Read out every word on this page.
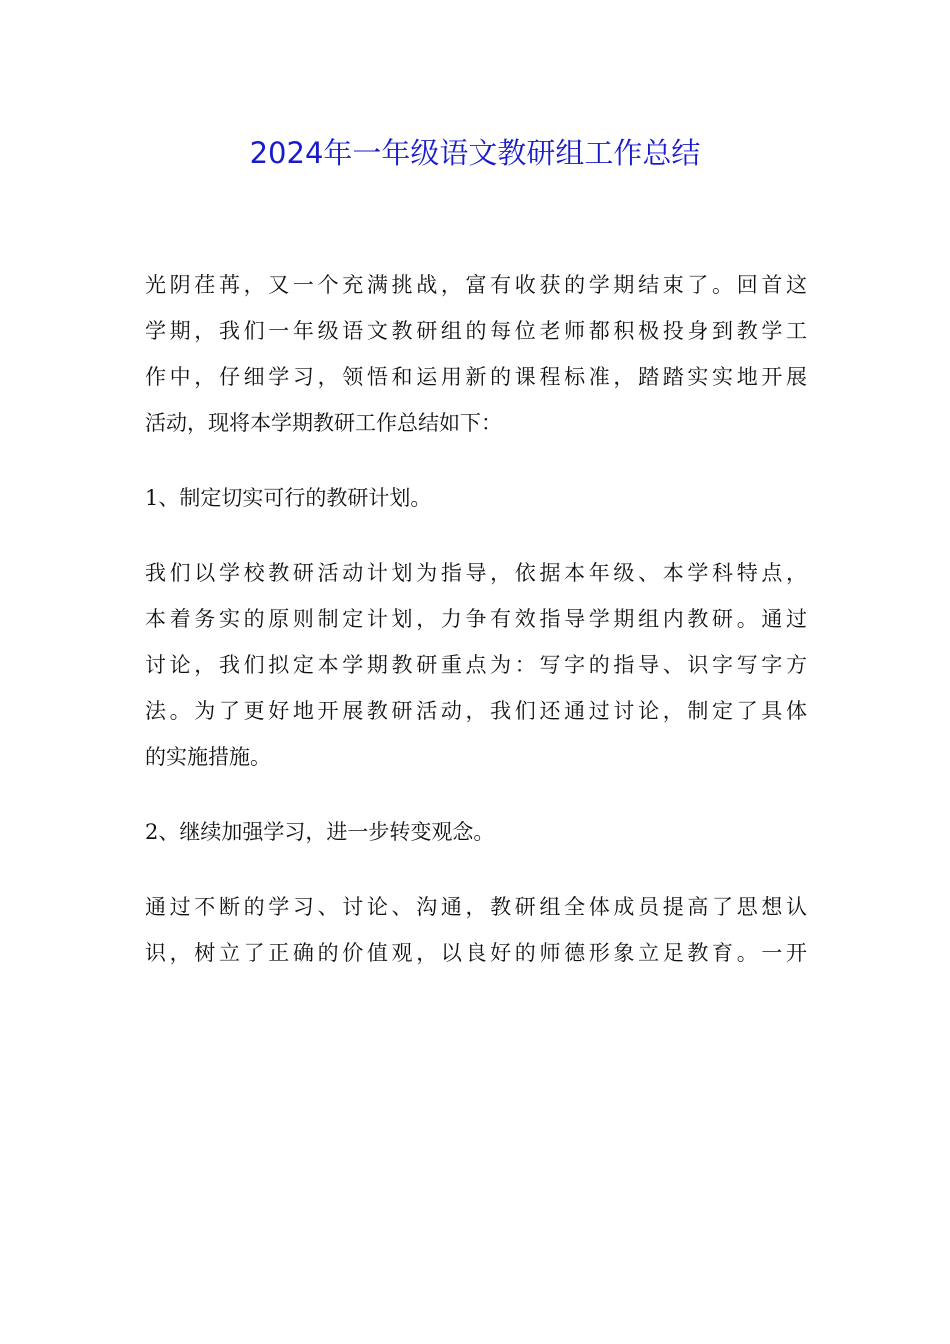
2024年一年级语文教研组工作总结

光阴荏苒，又一个充满挑战，富有收获的学期结束了。回首这
学期，我们一年级语文教研组的每位老师都积极投身到教学工
作中，仔细学习，领悟和运用新的课程标准，踏踏实实地开展
活动，现将本学期教研工作总结如下：

1、制定切实可行的教研计划。

我们以学校教研活动计划为指导，依据本年级、本学科特点，
本着务实的原则制定计划，力争有效指导学期组内教研。通过
讨论，我们拟定本学期教研重点为：写字的指导、识字写字方
法。为了更好地开展教研活动，我们还通过讨论，制定了具体
的实施措施。

2、继续加强学习，进一步转变观念。

通过不断的学习、讨论、沟通，教研组全体成员提高了思想认
识，树立了正确的价值观，以良好的师德形象立足教育。一开
